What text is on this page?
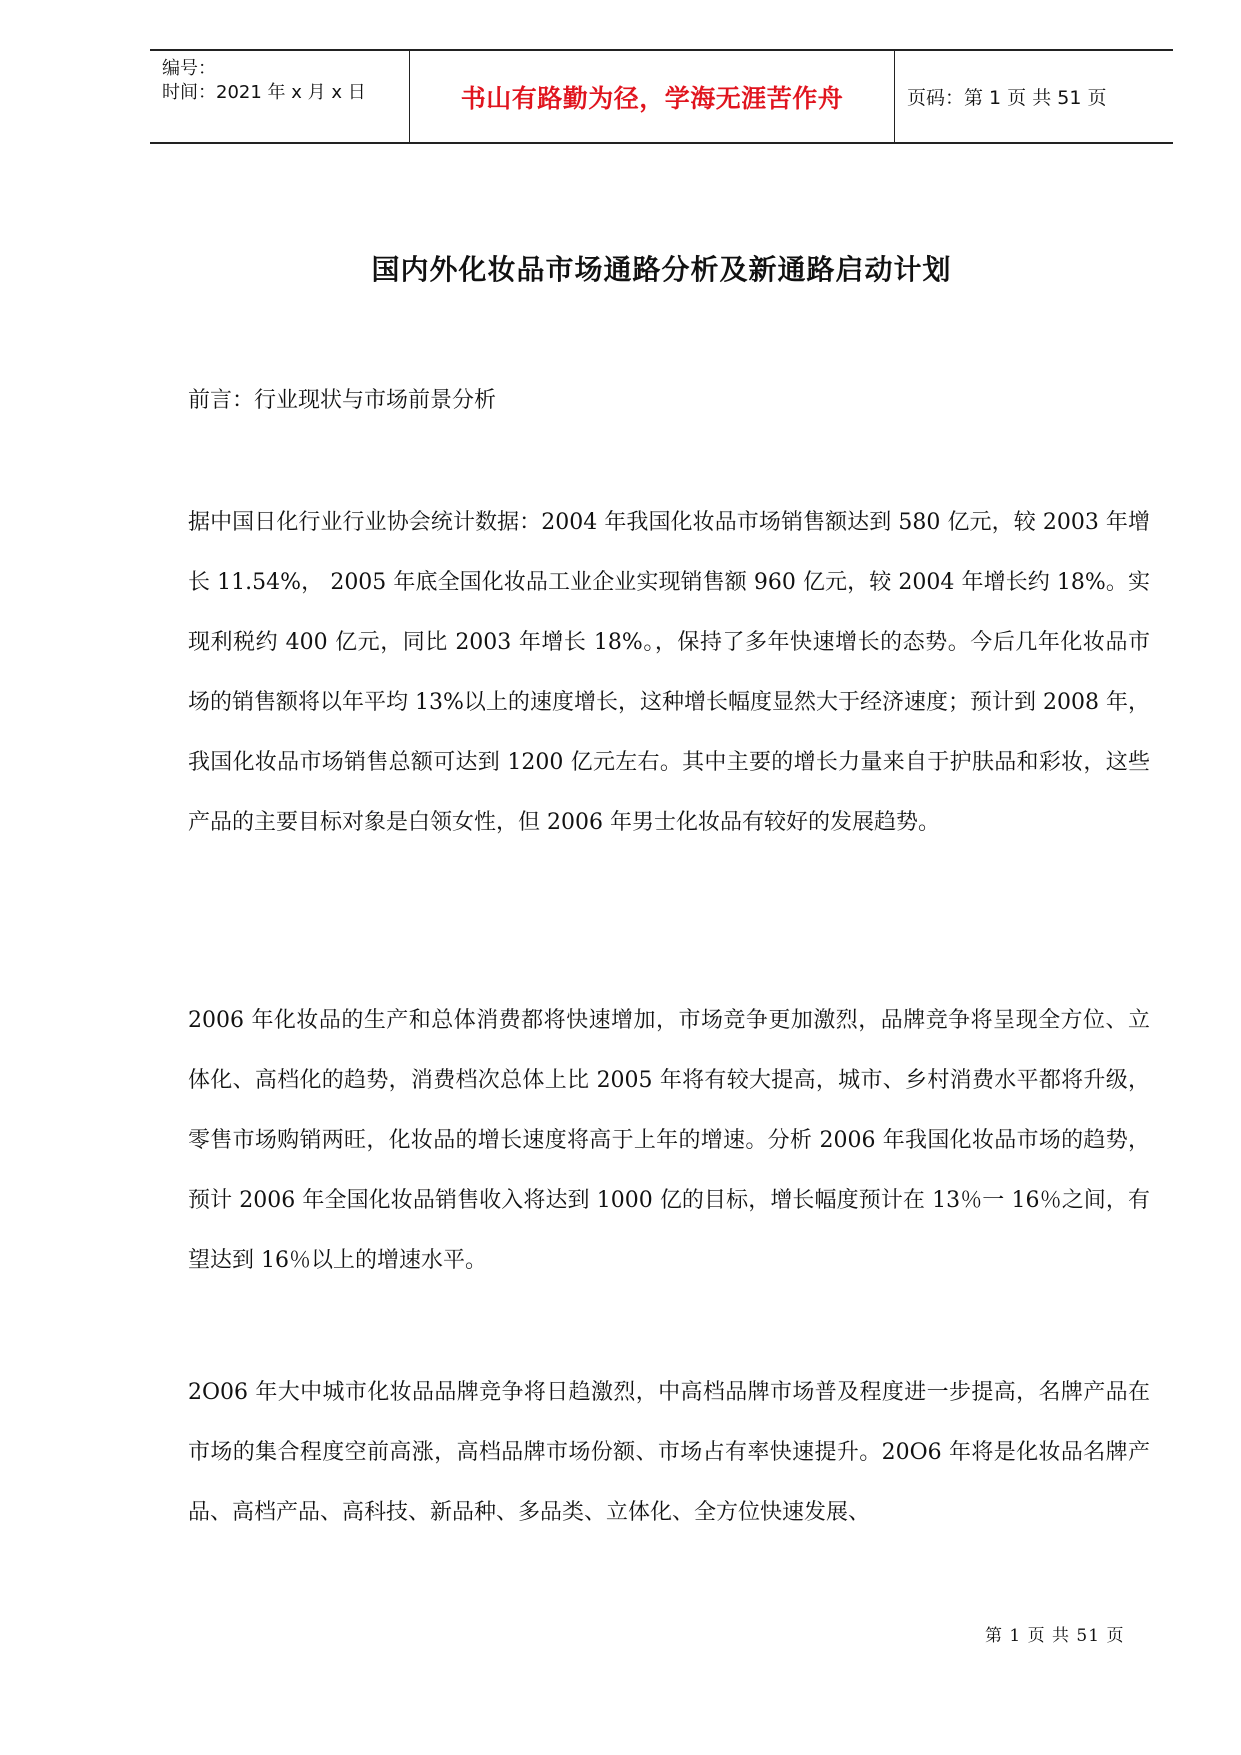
编号：
时间：2021 年 x 月 x 日	书山有路勤为径，学海无涯苦作舟	页码：第 1 页 共 51 页
国内外化妆品市场通路分析及新通路启动计划
前言：行业现状与市场前景分析

据中国日化行业行业协会统计数据：2004 年我国化妆品市场销售额达到 580 亿元，较 2003 年增长 11.54%， 2005 年底全国化妆品工业企业实现销售额 960 亿元，较 2004 年增长约 18%。实现利税约 400 亿元，同比 2003 年增长 18%。，保持了多年快速增长的态势。今后几年化妆品市场的销售额将以年平均 13%以上的速度增长，这种增长幅度显然大于经济速度；预计到 2008 年，我国化妆品市场销售总额可达到 1200 亿元左右。其中主要的增长力量来自于护肤品和彩妆，这些产品的主要目标对象是白领女性，但 2006 年男士化妆品有较好的发展趋势。

2006 年化妆品的生产和总体消费都将快速增加，市场竞争更加激烈，品牌竞争将呈现全方位、立体化、高档化的趋势，消费档次总体上比 2005 年将有较大提高，城市、乡村消费水平都将升级，零售市场购销两旺，化妆品的增长速度将高于上年的增速。分析 2006 年我国化妆品市场的趋势，预计 2006 年全国化妆品销售收入将达到 1000 亿的目标，增长幅度预计在 13％一 16％之间，有望达到 16％以上的增速水平。

2O06 年大中城市化妆品品牌竞争将日趋激烈，中高档品牌市场普及程度进一步提高，名牌产品在市场的集合程度空前高涨，高档品牌市场份额、市场占有率快速提升。20O6 年将是化妆品名牌产品、高档产品、高科技、新品种、多品类、立体化、全方位快速发展、

第 1 页 共 51 页
